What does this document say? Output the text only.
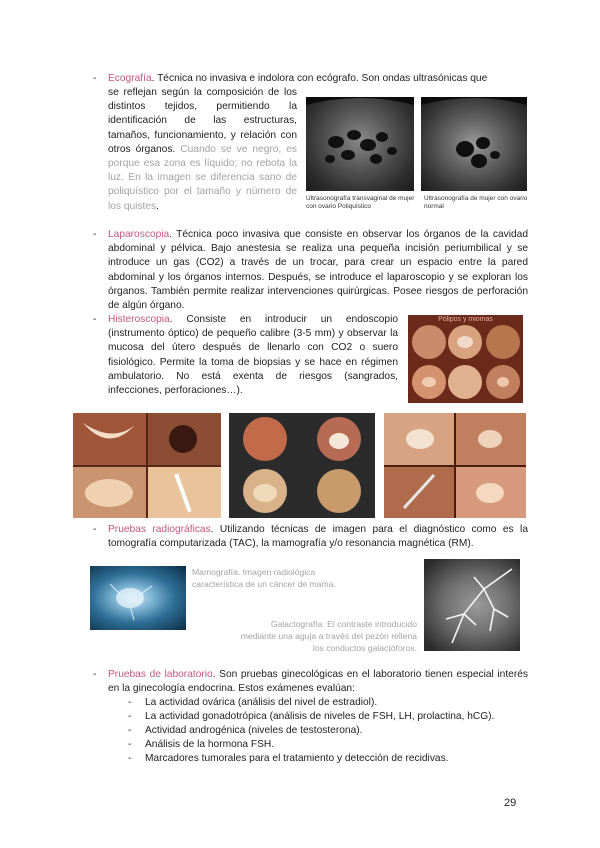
- Ecografía. Técnica no invasiva e indolora con ecógrafo. Son ondas ultrasónicas que
se reflejan según la composición de los distintos tejidos, permitiendo la identificación de las estructuras, tamaños, funcionamiento, y relación con otros órganos. Cuando se ve negro, es porque esa zona es líquido; no rebota la luz. En la imagen se diferencia sano de poliquístico por el tamaño y número de los quistes.
Ultrasonografía transvaginal de mujer con ovario Poliquístico
Ultrasonografía de mujer con ovario normal
- Laparoscopia. Técnica poco invasiva que consiste en observar los órganos de la cavidad abdominal y pélvica. Bajo anestesia se realiza una pequeña incisión periumbilical y se introduce un gas (CO2) a través de un trocar, para crear un espacio entre la pared abdominal y los órganos internos. Después, se introduce el laparoscopio y se exploran los órganos. También permite realizar intervenciones quirúrgicas. Posee riesgos de perforación de algún órgano.
- Histeroscopia. Consiste en introducir un endoscopio (instrumento óptico) de pequeño calibre (3-5 mm) y observar la mucosa del útero después de llenarlo con CO2 o suero fisiológico. Permite la toma de biopsias y se hace en régimen ambulatorio. No está exenta de riesgos (sangrados, infecciones, perforaciones…).
Pólipos y miomas
- Pruebas radiográficas. Utilizando técnicas de imagen para el diagnóstico como es la tomografía computarizada (TAC), la mamografía y/o resonancia magnética (RM).
Mamografía. Imagen radiológica característica de un cáncer de mama.
Galactografía. El contraste introducido mediante una aguja a través del pezón rellena los conductos galactóforos.
- Pruebas de laboratorio. Son pruebas ginecológicas en el laboratorio tienen especial interés en la ginecología endocrina. Estos exámenes evalúan:
- La actividad ovárica (análisis del nivel de estradiol).
- La actividad gonadotrópica (análisis de niveles de FSH, LH, prolactina, hCG).
- Actividad androgénica (niveles de testosterona).
- Análisis de la hormona FSH.
- Marcadores tumorales para el tratamiento y detección de recidivas.
29
